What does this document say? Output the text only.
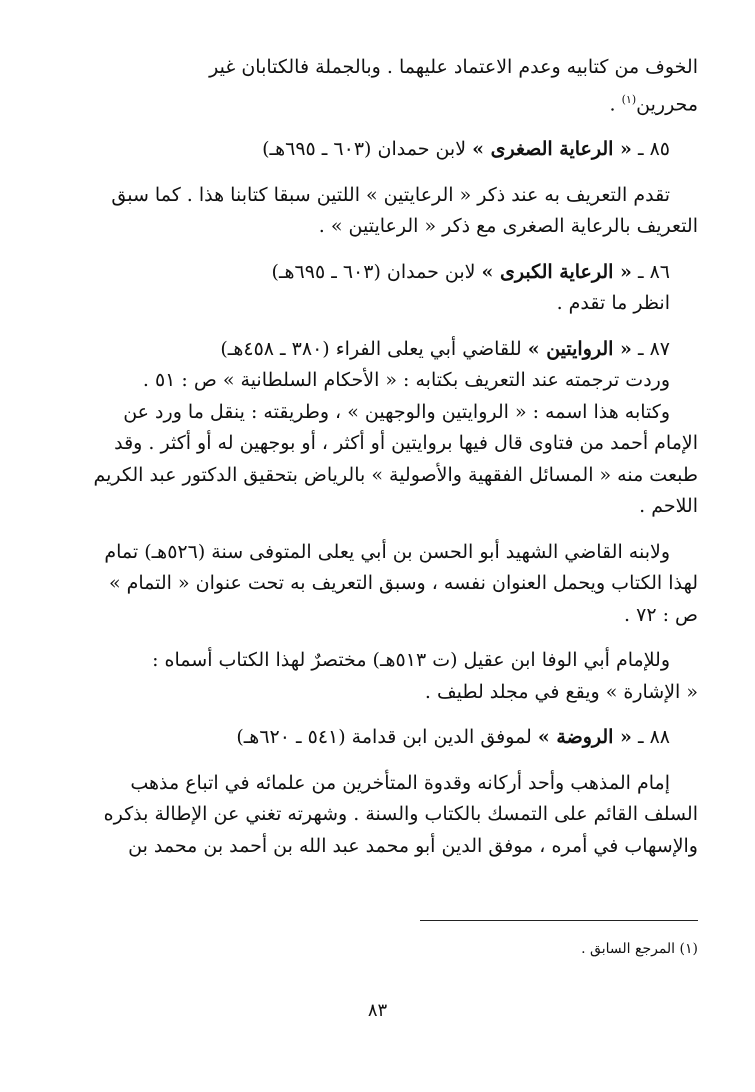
الخوف من كتابيه وعدم الاعتماد عليهما . وبالجملة فالكتابان غير
محررين$^{(١)}$ .
٨٥ ـ « الرعاية الصغرى » لابن حمدان (٦٠٣ ـ ٦٩٥هـ)
تقدم التعريف به عند ذكر « الرعايتين » اللتين سبقا كتابنا هذا . كما سبق
التعريف بالرعاية الصغرى مع ذكر « الرعايتين » .
٨٦ ـ « الرعاية الكبرى » لابن حمدان (٦٠٣ ـ ٦٩٥هـ)
انظر ما تقدم .
٨٧ ـ « الروايتين » للقاضي أبي يعلى الفراء (٣٨٠ ـ ٤٥٨هـ)
وردت ترجمته عند التعريف بكتابه : « الأحكام السلطانية » ص : ٥١ .
وكتابه هذا اسمه : « الروايتين والوجهين » ، وطريقته : ينقل ما ورد عن
الإمام أحمد من فتاوى قال فيها بروايتين أو أكثر ، أو بوجهين له أو أكثر . وقد
طبعت منه « المسائل الفقهية والأصولية » بالرياض بتحقيق الدكتور عبد الكريم
اللاحم .
ولابنه القاضي الشهيد أبو الحسن بن أبي يعلى المتوفى سنة (٥٢٦هـ) تمام
لهذا الكتاب ويحمل العنوان نفسه ، وسبق التعريف به تحت عنوان « التمام »
ص : ٧٢ .
وللإمام أبي الوفا ابن عقيل (ت ٥١٣هـ) مختصرٌ لهذا الكتاب أسماه :
« الإشارة » ويقع في مجلد لطيف .
٨٨ ـ « الروضة » لموفق الدين ابن قدامة (٥٤١ ـ ٦٢٠هـ)
إمام المذهب وأحد أركانه وقدوة المتأخرين من علمائه في اتباع مذهب
السلف القائم على التمسك بالكتاب والسنة . وشهرته تغني عن الإطالة بذكره
والإسهاب في أمره ، موفق الدين أبو محمد عبد الله بن أحمد بن محمد بن
(١) المرجع السابق .
٨٣
